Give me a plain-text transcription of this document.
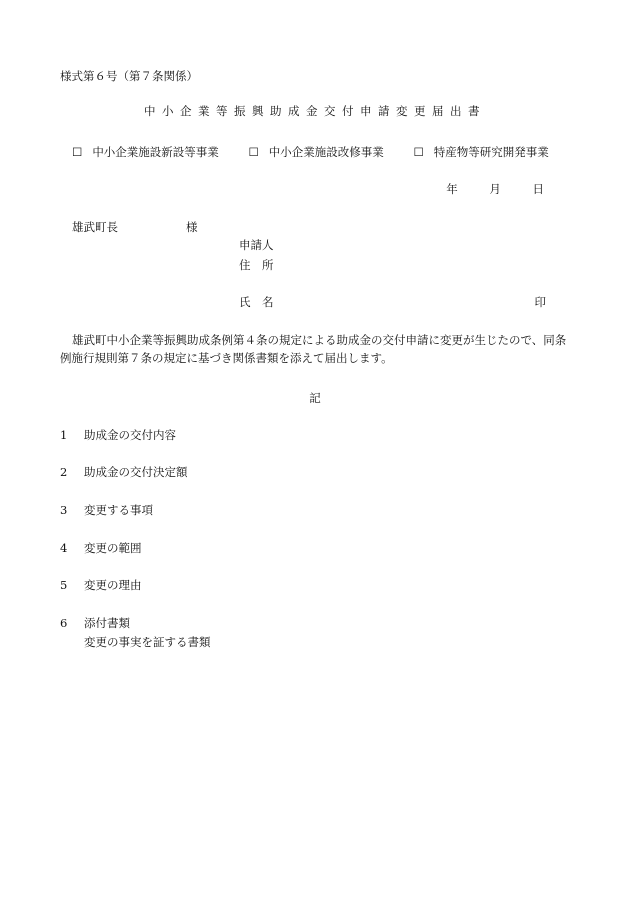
様式第６号（第７条関係）
中小企業等振興助成金交付申請変更届出書
☐ 中小企業施設新設等事業	☐ 中小企業施設改修事業	☐ 特産物等研究開発事業
年	月	日
雄武町長	様
申請人
住　所
氏　名	印
雄武町中小企業等振興助成条例第４条の規定による助成金の交付申請に変更が生じたので、同条例施行規則第７条の規定に基づき関係書類を添えて届出します。
記
1 助成金の交付内容
2 助成金の交付決定額
3 変更する事項
4 変更の範囲
5 変更の理由
6 添付書類
変更の事実を証する書類
